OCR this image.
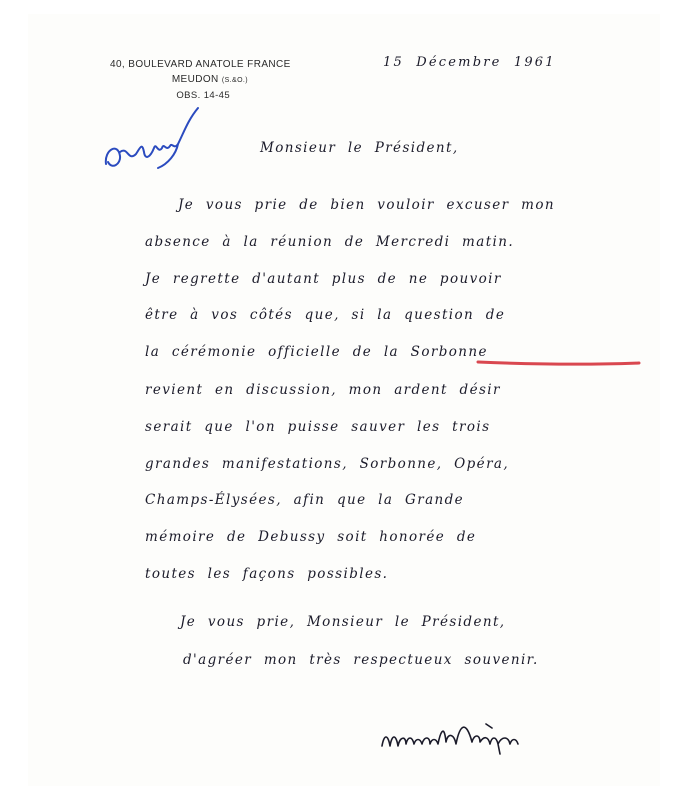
40, BOULEVARD ANATOLE FRANCE
MEUDON (S.&O.)
OBS. 14-45
15 Décembre 1961
Monsieur le Président,
Je vous prie de bien vouloir excuser mon
absence à la réunion de Mercredi matin.
Je regrette d'autant plus de ne pouvoir
être à vos côtés que, si la question de
la cérémonie officielle de la Sorbonne
revient en discussion, mon ardent désir
serait que l'on puisse sauver les trois
grandes manifestations, Sorbonne, Opéra,
Champs-Élysées, afin que la Grande
mémoire de Debussy soit honorée de
toutes les façons possibles.
Je vous prie, Monsieur le Président,
d'agréer mon très respectueux souvenir.
